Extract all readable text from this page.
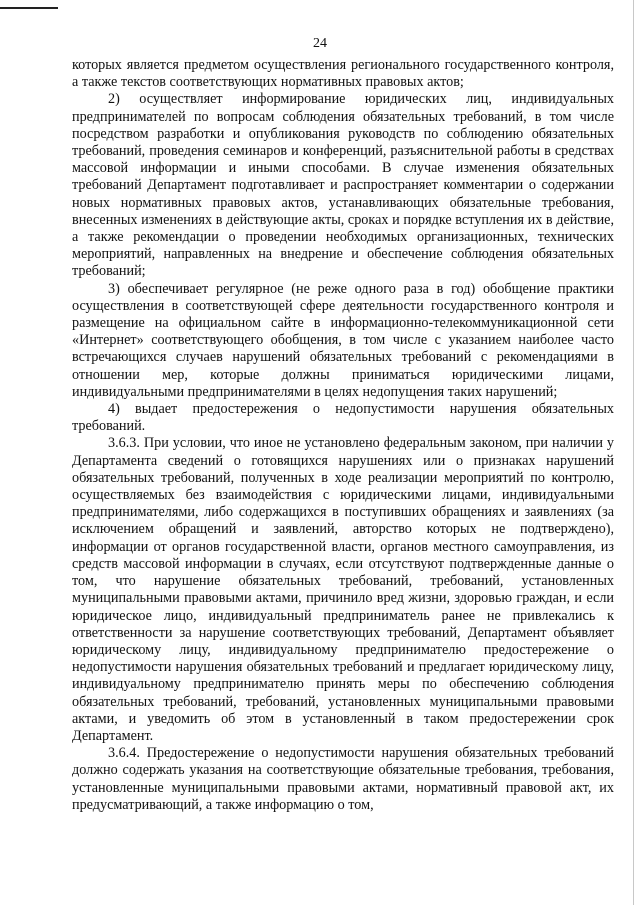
24

которых является предметом осуществления регионального государственного контроля, а также текстов соответствующих нормативных правовых актов;

2) осуществляет информирование юридических лиц, индивидуальных предпринимателей по вопросам соблюдения обязательных требований, в том числе посредством разработки и опубликования руководств по соблюдению обязательных требований, проведения семинаров и конференций, разъяснительной работы в средствах массовой информации и иными способами. В случае изменения обязательных требований Департамент подготавливает и распространяет комментарии о содержании новых нормативных правовых актов, устанавливающих обязательные требования, внесенных изменениях в действующие акты, сроках и порядке вступления их в действие, а также рекомендации о проведении необходимых организационных, технических мероприятий, направленных на внедрение и обеспечение соблюдения обязательных требований;

3) обеспечивает регулярное (не реже одного раза в год) обобщение практики осуществления в соответствующей сфере деятельности государственного контроля и размещение на официальном сайте в информационно-телекоммуникационной сети «Интернет» соответствующего обобщения, в том числе с указанием наиболее часто встречающихся случаев нарушений обязательных требований с рекомендациями в отношении мер, которые должны приниматься юридическими лицами, индивидуальными предпринимателями в целях недопущения таких нарушений;

4) выдает предостережения о недопустимости нарушения обязательных требований.

3.6.3. При условии, что иное не установлено федеральным законом, при наличии у Департамента сведений о готовящихся нарушениях или о признаках нарушений обязательных требований, полученных в ходе реализации мероприятий по контролю, осуществляемых без взаимодействия с юридическими лицами, индивидуальными предпринимателями, либо содержащихся в поступивших обращениях и заявлениях (за исключением обращений и заявлений, авторство которых не подтверждено), информации от органов государственной власти, органов местного самоуправления, из средств массовой информации в случаях, если отсутствуют подтвержденные данные о том, что нарушение обязательных требований, требований, установленных муниципальными правовыми актами, причинило вред жизни, здоровью граждан, и если юридическое лицо, индивидуальный предприниматель ранее не привлекались к ответственности за нарушение соответствующих требований, Департамент объявляет юридическому лицу, индивидуальному предпринимателю предостережение о недопустимости нарушения обязательных требований и предлагает юридическому лицу, индивидуальному предпринимателю принять меры по обеспечению соблюдения обязательных требований, требований, установленных муниципальными правовыми актами, и уведомить об этом в установленный в таком предостережении срок Департамент.

3.6.4. Предостережение о недопустимости нарушения обязательных требований должно содержать указания на соответствующие обязательные требования, требования, установленные муниципальными правовыми актами, нормативный правовой акт, их предусматривающий, а также информацию о том,
